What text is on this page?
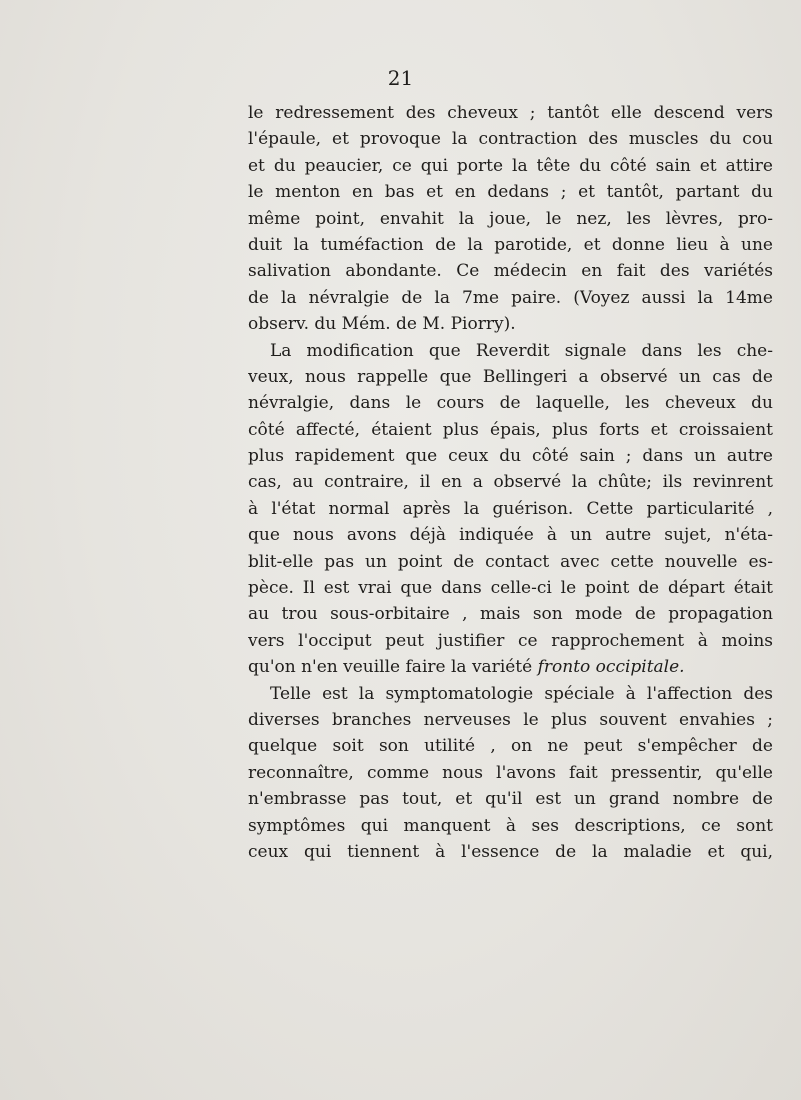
21
le redressement des cheveux ; tantôt elle descend vers
l'épaule, et provoque la contraction des muscles du cou
et du peaucier, ce qui porte la tête du côté sain et attire
le menton en bas et en dedans ; et tantôt, partant du
même point, envahit la joue, le nez, les lèvres, pro-
duit la tuméfaction de la parotide, et donne lieu à une
salivation abondante. Ce médecin en fait des variétés
de la névralgie de la 7me paire. (Voyez aussi la 14me
observ. du Mém. de M. Piorry).
La modification que Reverdit signale dans les che-
veux, nous rappelle que Bellingeri a observé un cas de
névralgie, dans le cours de laquelle, les cheveux du
côté affecté, étaient plus épais, plus forts et croissaient
plus rapidement que ceux du côté sain ; dans un autre
cas, au contraire, il en a observé la chûte; ils revinrent
à l'état normal après la guérison. Cette particularité ,
que nous avons déjà indiquée à un autre sujet, n'éta-
blit-elle pas un point de contact avec cette nouvelle es-
pèce. Il est vrai que dans celle-ci le point de départ était
au trou sous-orbitaire , mais son mode de propagation
vers l'occiput peut justifier ce rapprochement à moins
qu'on n'en veuille faire la variété fronto occipitale.
Telle est la symptomatologie spéciale à l'affection des
diverses branches nerveuses le plus souvent envahies ;
quelque soit son utilité , on ne peut s'empêcher de
reconnaître, comme nous l'avons fait pressentir, qu'elle
n'embrasse pas tout, et qu'il est un grand nombre de
symptômes qui manquent à ses descriptions, ce sont
ceux qui tiennent à l'essence de la maladie et qui,
